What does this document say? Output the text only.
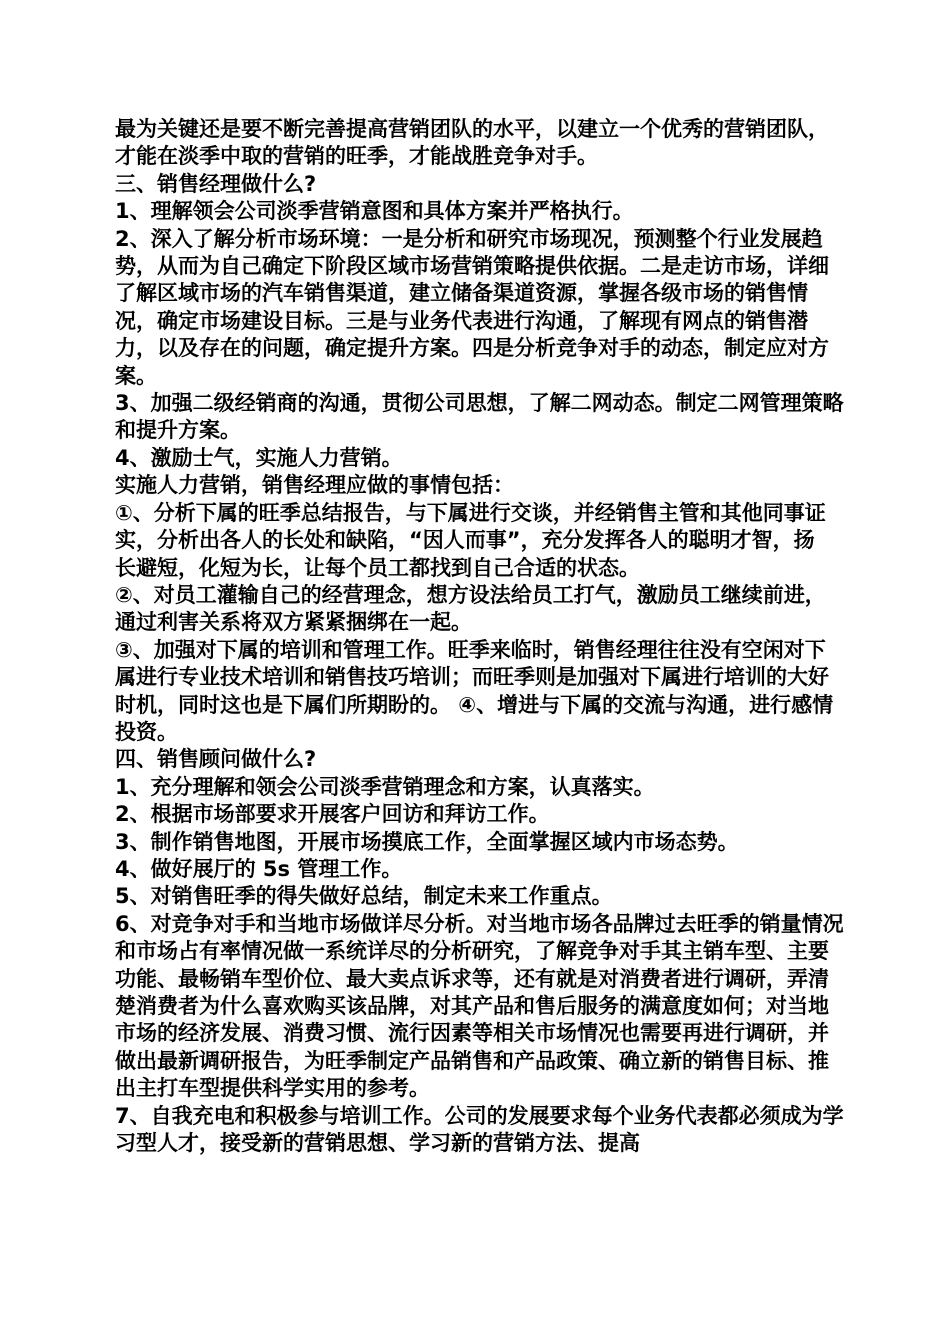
最为关键还是要不断完善提高营销团队的水平，以建立一个优秀的营销团队，才能在淡季中取的营销的旺季，才能战胜竞争对手。

三、销售经理做什么?

1、理解领会公司淡季营销意图和具体方案并严格执行。

2、深入了解分析市场环境：一是分析和研究市场现况，预测整个行业发展趋势，从而为自己确定下阶段区域市场营销策略提供依据。二是走访市场，详细了解区域市场的汽车销售渠道，建立储备渠道资源，掌握各级市场的销售情况，确定市场建设目标。三是与业务代表进行沟通，了解现有网点的销售潜力，以及存在的问题，确定提升方案。四是分析竞争对手的动态，制定应对方案。

3、加强二级经销商的沟通，贯彻公司思想，了解二网动态。制定二网管理策略和提升方案。

4、激励士气，实施人力营销。

实施人力营销，销售经理应做的事情包括：

①、分析下属的旺季总结报告，与下属进行交谈，并经销售主管和其他同事证实，分析出各人的长处和缺陷，“因人而事”，充分发挥各人的聪明才智，扬

长避短，化短为长，让每个员工都找到自己合适的状态。

②、对员工灌输自己的经营理念，想方设法给员工打气，激励员工继续前进，通过利害关系将双方紧紧捆绑在一起。

③、加强对下属的培训和管理工作。旺季来临时，销售经理往往没有空闲对下属进行专业技术培训和销售技巧培训；而旺季则是加强对下属进行培训的大好时机，同时这也是下属们所期盼的。 ④、增进与下属的交流与沟通，进行感情投资。

四、销售顾问做什么?

1、充分理解和领会公司淡季营销理念和方案，认真落实。

2、根据市场部要求开展客户回访和拜访工作。

3、制作销售地图，开展市场摸底工作，全面掌握区域内市场态势。

4、做好展厅的 5s 管理工作。

5、对销售旺季的得失做好总结，制定未来工作重点。

6、对竞争对手和当地市场做详尽分析。对当地市场各品牌过去旺季的销量情况和市场占有率情况做一系统详尽的分析研究，了解竞争对手其主销车型、主要功能、最畅销车型价位、最大卖点诉求等，还有就是对消费者进行调研，弄清楚消费者为什么喜欢购买该品牌，对其产品和售后服务的满意度如何；对当地市场的经济发展、消费习惯、流行因素等相关市场情况也需要再进行调研，并做出最新调研报告，为旺季制定产品销售和产品政策、确立新的销售目标、推出主打车型提供科学实用的参考。

7、自我充电和积极参与培训工作。公司的发展要求每个业务代表都必须成为学习型人才，接受新的营销思想、学习新的营销方法、提高
